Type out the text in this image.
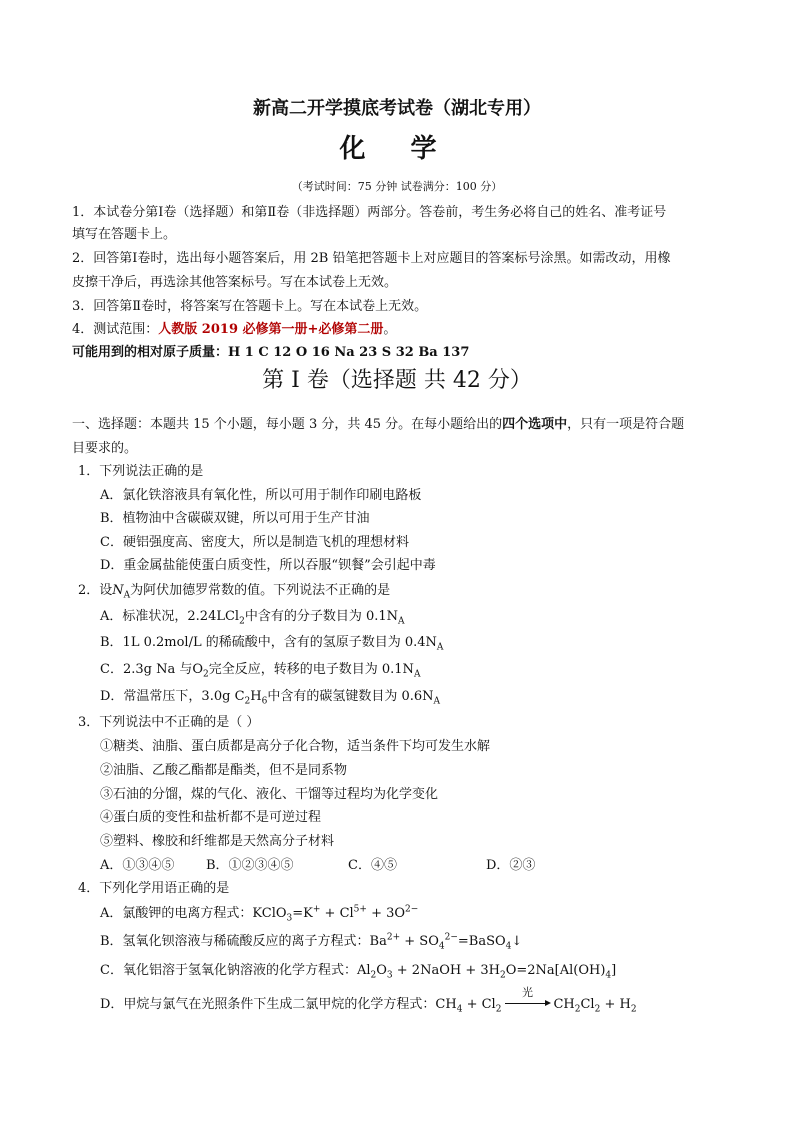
新高二开学摸底考试卷（湖北专用）
化 学
（考试时间：75 分钟 试卷满分：100 分）
1．本试卷分第Ⅰ卷（选择题）和第Ⅱ卷（非选择题）两部分。答卷前，考生务必将自己的姓名、准考证号
填写在答题卡上。
2．回答第Ⅰ卷时，选出每小题答案后，用 2B 铅笔把答题卡上对应题目的答案标号涂黑。如需改动，用橡
皮擦干净后，再选涂其他答案标号。写在本试卷上无效。
3．回答第Ⅱ卷时，将答案写在答题卡上。写在本试卷上无效。
4．测试范围：人教版 2019 必修第一册+必修第二册。
可能用到的相对原子质量：H 1 C 12 O 16 Na 23 S 32 Ba 137
第 I 卷（选择题 共 42 分）
一、选择题：本题共 15 个小题，每小题 3 分，共 45 分。在每小题给出的四个选项中，只有一项是符合题
目要求的。
1．下列说法正确的是
A．氯化铁溶液具有氧化性，所以可用于制作印刷电路板
B．植物油中含碳碳双键，所以可用于生产甘油
C．硬铝强度高、密度大，所以是制造飞机的理想材料
D．重金属盐能使蛋白质变性，所以吞服“钡餐”会引起中毒
2．设$N_A$为阿伏加德罗常数的值。下列说法不正确的是
A．标准状况，2.24LCl$_2$中含有的分子数目为 $0.1N_A$
B．1L 0.2mol/L 的稀硫酸中，含有的氢原子数目为 $0.4N_A$
C．2.3g Na 与$O_2$完全反应，转移的电子数目为 $0.1N_A$
D．常温常压下，3.0g $C_2H_6$中含有的碳氢键数目为 $0.6N_A$
3．下列说法中不正确的是（ ）
①糖类、油脂、蛋白质都是高分子化合物，适当条件下均可发生水解
②油脂、乙酸乙酯都是酯类，但不是同系物
③石油的分馏，煤的气化、液化、干馏等过程均为化学变化
④蛋白质的变性和盐析都不是可逆过程
⑤塑料、橡胶和纤维都是天然高分子材料
A．①③④⑤ B．①②③④⑤	C．④⑤	D．②③
4．下列化学用语正确的是
A．氯酸钾的电离方程式：KClO$_3$=K+ + $Cl^{5+} + 3O^{2-}$
B．氢氧化钡溶液与稀硫酸反应的离子方程式：$Ba^{2+}$ + $SO_4^{2-}=BaSO_4↓$
C．氧化铝溶于氢氧化钠溶液的化学方程式：$Al_2O_3$ + 2NaOH + $3H_2O=2Na[Al(OH)_4]$
D．甲烷与氯气在光照条件下生成二氯甲烷的化学方程式：$CH_4 + Cl_2$
光
$CH_2Cl_2 + H_2$
